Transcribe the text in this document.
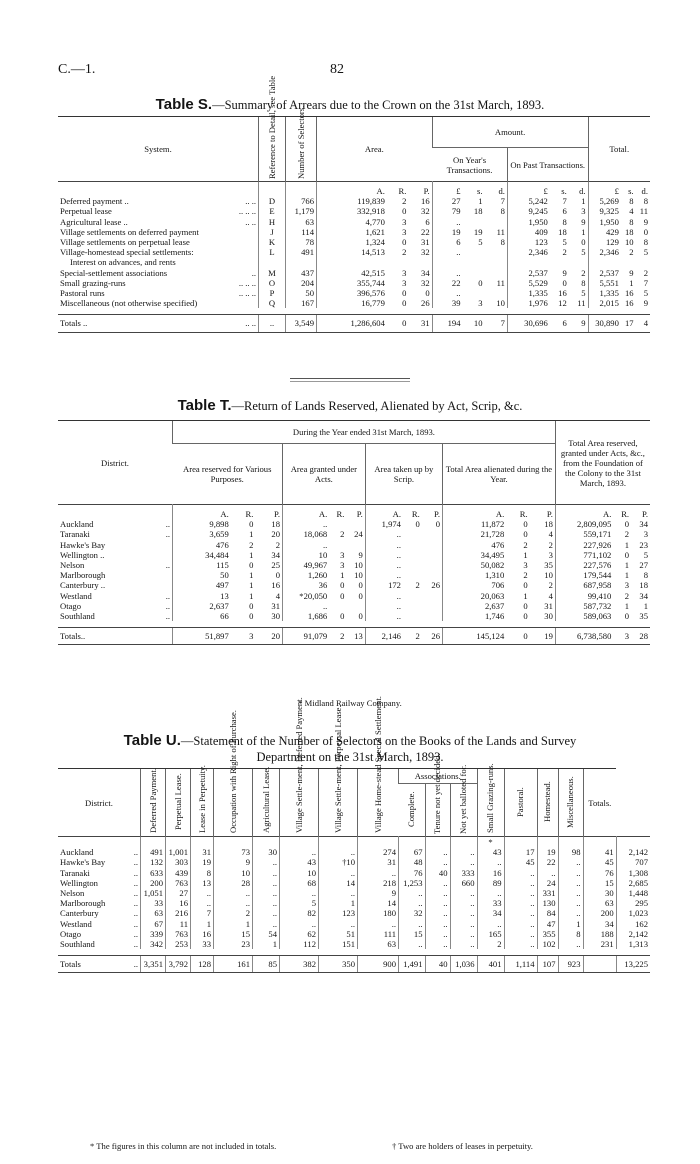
C.—1.	82
Table S.—Summary of Arrears due to the Crown on the 31st March, 1893.
System.	Reference to Detail, see Table	Number of Selectors.	Area.			Amount.						Total.		
						On Year's Transactions.			On Past Transactions.					
			A.	R.	P.	£	s.	d.	£	s.	d.	£	s.	d.
Deferred payment .. .. ..	D	766	119,839	2	16	27	1	7	5,242	7	1	5,269	8	8
Perpetual lease .. .. ..	E	1,179	332,918	0	32	79	18	8	9,245	6	3	9,325	4	11
Agricultural lease .. .. ..	H	63	4,770	3	6	..			1,950	8	9	1,950	8	9
Village settlements on deferred payment	J	114	1,621	3	22	19	19	11	409	18	1	429	18	0
Village settlements on perpetual lease	K	78	1,324	0	31	6	5	8	123	5	0	129	10	8
Village-homestead special settlements:	L	491	14,513	2	32	..			2,346	2	5	2,346	2	5
Interest on advances, and rents

Special-settlement associations ..	M	437	42,515	3	34	..			2,537	9	2	2,537	9	2
Small grazing-runs .. .. ..	O	204	355,744	3	32	22	0	11	5,529	0	8	5,551	1	7
Pastoral runs .. .. ..	P	50	396,576	0	0	..			1,335	16	5	1,335	16	5
Miscellaneous (not otherwise specified)	Q	167	16,779	0	26	39	3	10	1,976	12	11	2,015	16	9

Totals .. .. ..	..	3,549	1,286,604	0	31	194	10	7	30,696	6	9	30,890	17	4
Table T.—Return of Lands Reserved, Alienated by Act, Scrip, &c.
District.	During the Year ended 31st March, 1893.												Total Area reserved, granted under Acts, &c., from the Foundation of the Colony to the 31st March, 1893.		
	Area reserved for Various Purposes.			Area granted under Acts.			Area taken up by Scrip.			Total Area alienated during the Year.					
	A.	R.	P.	A.	R.	P.	A.	R.	P.	A.	R.	P.	A.	R.	P.
Auckland ..	9,898	0	18	..			1,974	0	0	11,872	0	18	2,809,095	0	34
Taranaki ..	3,659	1	20	18,068	2	24	..			21,728	0	4	559,171	2	3
Hawke's Bay	476	2	2	..			..			476	2	2	227,926	1	23
Wellington ..	34,484	1	34	10	3	9	..			34,495	1	3	771,102	0	5
Nelson ..	115	0	25	49,967	3	10	..			50,082	3	35	227,576	1	27
Marlborough	50	1	0	1,260	1	10	..			1,310	2	10	179,544	1	8
Canterbury ..	497	1	16	36	0	0	172	2	26	706	0	2	687,958	3	18
Westland ..	13	1	4	*20,050	0	0	..			20,063	1	4	99,410	2	34
Otago ..	2,637	0	31	..			..			2,637	0	31	587,732	1	1
Southland ..	66	0	30	1,686	0	0	..			1,746	0	30	589,063	0	35

Totals..	51,897	3	20	91,079	2	13	2,146	2	26	145,124	0	19	6,738,580	3	28
* Midland Railway Company.
Table U.—Statement of the Number of Selectors on the Books of the Lands and Survey
Department on the 31st March, 1893.
District.	Deferred Payment.	Perpetual Lease.	Lease in Perpetuity.	Occupation with Right of Purchase.	Agricultural Lease.	Village Settle-ment, Deferred Payment.	Village Settle-ment, Perpetual Lease.	Village Home-stead Special Settlement.	Associations.			Small Grazing-runs.	Pastoral.	Homestead.	Miscellaneous.	Totals.	
									Complete.	Tenure not yet decided.	Not yet balloted for.						
												*					
Auckland ..	491	1,001	31	73	30	..	..	274	67	..	..	43	17	19	98	41	2,142
Hawke's Bay ..	132	303	19	9	..	43	†10	31	48	..	..	..	45	22	..	45	707
Taranaki ..	633	439	8	10	..	10	..	..	76	40	333	16	..	..	..	76	1,308
Wellington ..	200	763	13	28	..	68	14	218	1,253	..	660	89	..	24	..	15	2,685
Nelson ..	1,051	27	..	..	..	..	..	9	..	..	..	..	..	331	..	30	1,448
Marlborough ..	33	16	..	..	..	5	1	14	..	..	..	33	..	130	..	63	295
Canterbury ..	63	216	7	2	..	82	123	180	32	..	..	34	..	84	..	200	1,023
Westland ..	67	11	1	1	..	..	..	..	..	..	..	..	..	47	1	34	162
Otago ..	339	763	16	15	54	62	51	111	15	..	..	165	..	355	8	188	2,142
Southland ..	342	253	33	23	1	112	151	63	..	..	..	2	..	102	..	231	1,313

Totals ..	3,351	3,792	128	161	85	382	350	900	1,491	40	1,036	401	1,114	107	923		13,225
* The figures in this column are not included in totals.	† Two are holders of leases in perpetuity.
